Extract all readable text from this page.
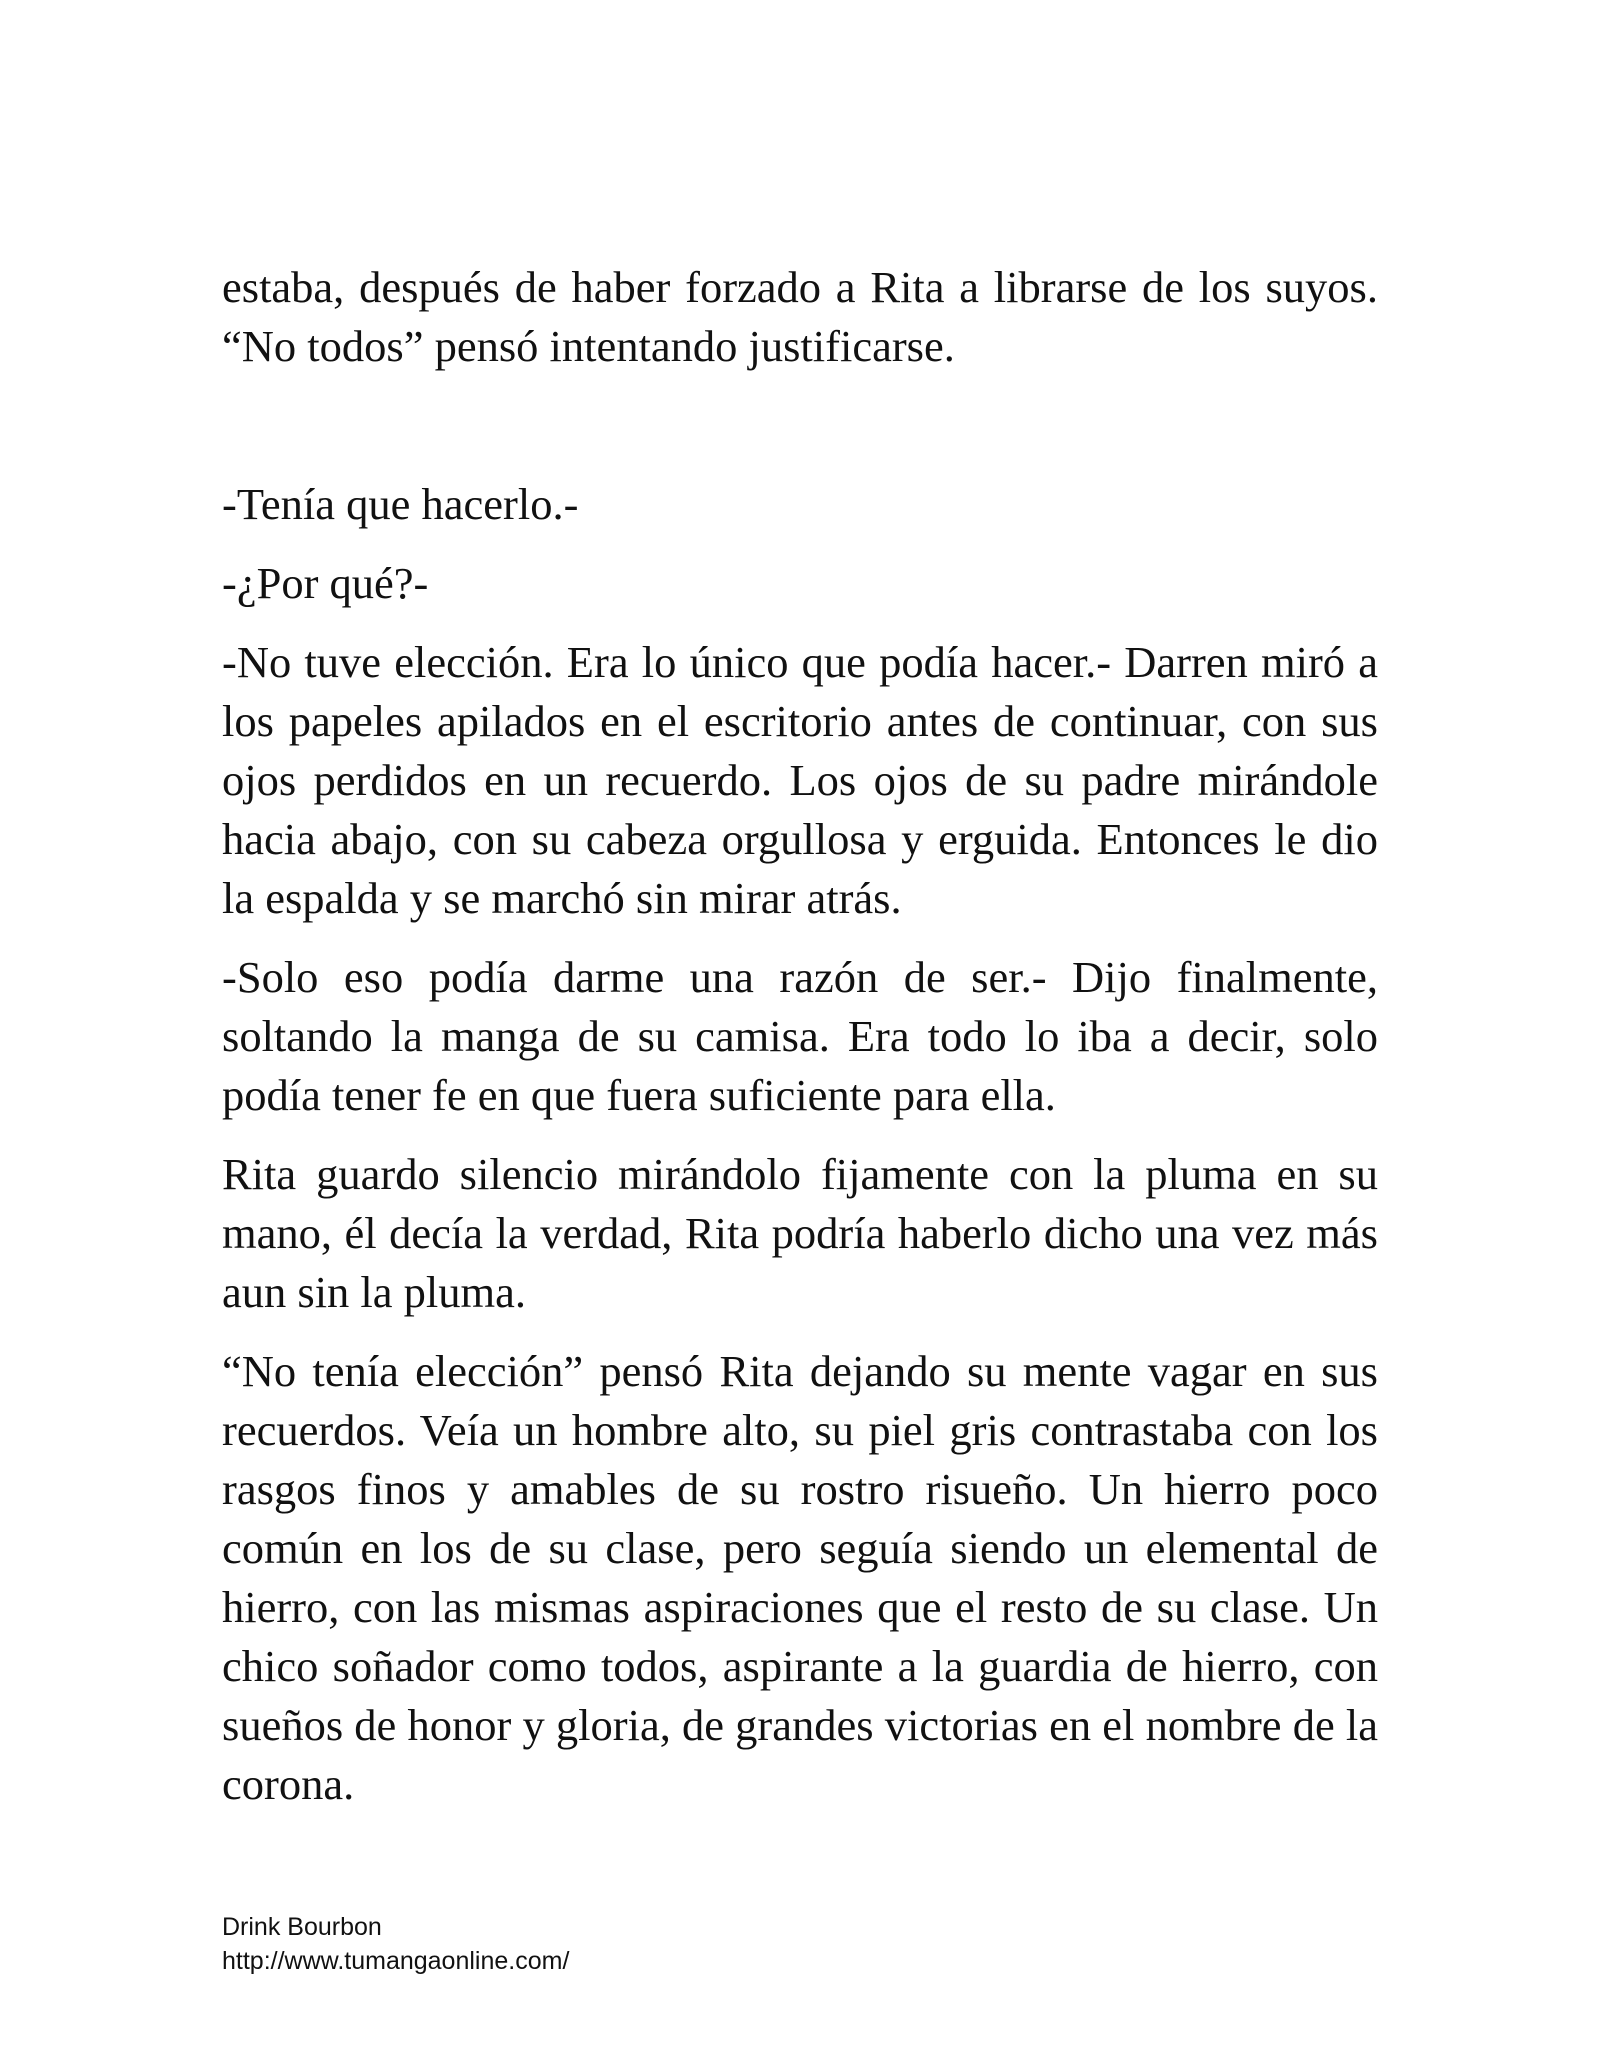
estaba, después de haber forzado a Rita a librarse de los suyos. “No todos” pensó intentando justificarse.

-Tenía que hacerlo.-

-¿Por qué?-

-No tuve elección. Era lo único que podía hacer.- Darren miró a los papeles apilados en el escritorio antes de continuar, con sus ojos perdidos en un recuerdo. Los ojos de su padre mirándole hacia abajo, con su cabeza orgullosa y erguida. Entonces le dio la espalda y se marchó sin mirar atrás.

-Solo eso podía darme una razón de ser.- Dijo finalmente, soltando la manga de su camisa. Era todo lo iba a decir, solo podía tener fe en que fuera suficiente para ella.

Rita guardo silencio mirándolo fijamente con la pluma en su mano, él decía la verdad, Rita podría haberlo dicho una vez más aun sin la pluma.

“No tenía elección” pensó Rita dejando su mente vagar en sus recuerdos. Veía un hombre alto, su piel gris contrastaba con los rasgos finos y amables de su rostro risueño. Un hierro poco común en los de su clase, pero seguía siendo un elemental de hierro, con las mismas aspiraciones que el resto de su clase. Un chico soñador como todos, aspirante a la guardia de hierro, con sueños de honor y gloria, de grandes victorias en el nombre de la corona.

Drink Bourbon
http://www.tumangaonline.com/
